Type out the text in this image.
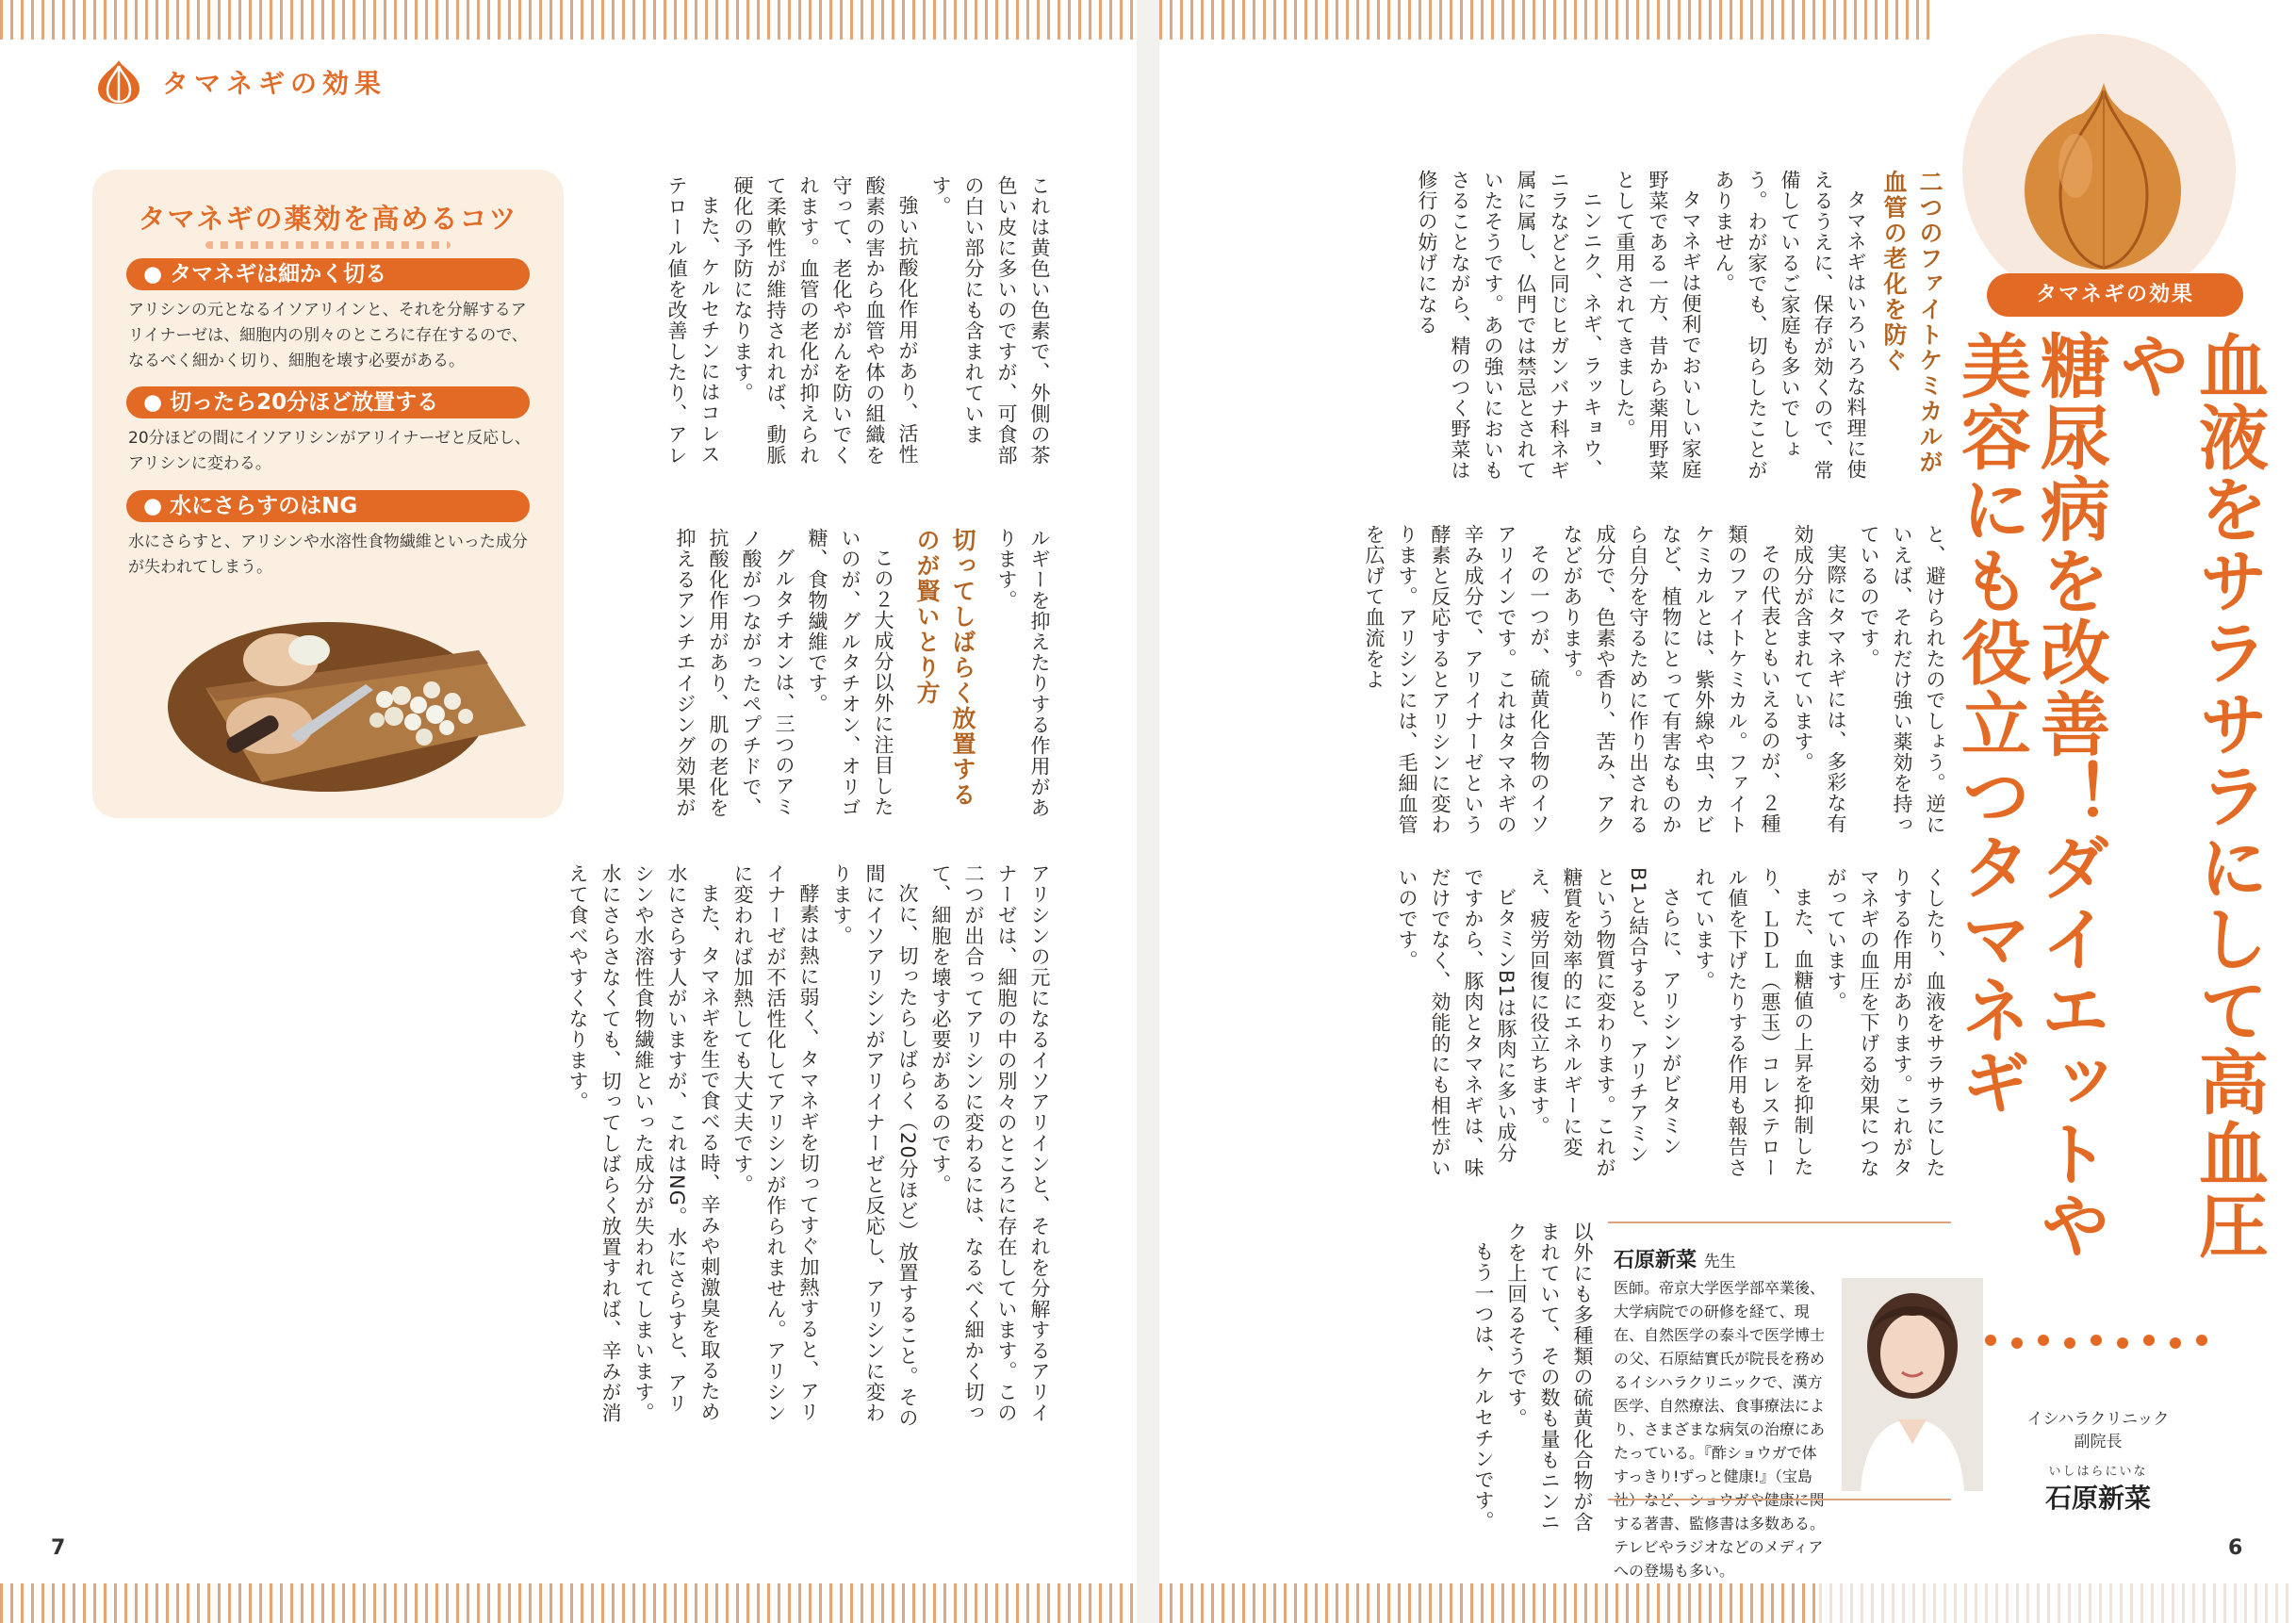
タマネギの効果

これは黄色い色素で、外側の茶色い皮に多いのですが、可食部の白い部分にも含まれています。

強い抗酸化作用があり、活性酸素の害から血管や体の組織を守って、老化やがんを防いでくれます。血管の老化が抑えられて柔軟性が維持されれば、動脈硬化の予防になります。

また、ケルセチンにはコレステロール値を改善したり、アレ

ルギーを抑えたりする作用があります。

切ってしばらく放置するのが賢いとり方

この２大成分以外に注目したいのが、グルタチオン、オリゴ糖、食物繊維です。

グルタチオンは、三つのアミノ酸がつながったペプチドで、抗酸化作用があり、肌の老化を抑えるアンチエイジング効果が

タマネギの薬効を高めるコツ
● タマネギは細かく切る
アリシンの元となるイソアリインと、それを分解するアリイナーゼは、細胞内の別々のところに存在するので、なるべく細かく切り、細胞を壊す必要がある。
● 切ったら20分ほど放置する
20分ほどの間にイソアリシンがアリイナーゼと反応し、アリシンに変わる。
● 水にさらすのはNG
水にさらすと、アリシンや水溶性食物繊維といった成分が失われてしまう。

アリシンの元になるイソアリインと、それを分解するアリイナーゼは、細胞の中の別々のところに存在しています。この二つが出合ってアリシンに変わるには、なるべく細かく切って、細胞を壊す必要があるのです。

次に、切ったらしばらく（20分ほど）放置すること。その間にイソアリシンがアリイナーゼと反応し、アリシンに変わります。

酵素は熱に弱く、タマネギを切ってすぐ加熱すると、アリイナーゼが不活性化してアリシンが作られません。アリシンに変われば加熱しても大丈夫です。

また、タマネギを生で食べる時、辛みや刺激臭を取るため水にさらす人がいますが、これはNG。水にさらすと、アリシンや水溶性食物繊維といった成分が失われてしまいます。水にさらさなくても、切ってしばらく放置すれば、辛みが消えて食べやすくなります。

7
タマネギの効果
血液をサラサラにして高血圧や
糖尿病を改善！ダイエットや
美容にも役立つタマネギ
二つのファイトケミカルが血管の老化を防ぐ

タマネギはいろいろな料理に使えるうえに、保存が効くので、常備しているご家庭も多いでしょう。わが家でも、切らしたことがありません。

タマネギは便利でおいしい家庭野菜である一方、昔から薬用野菜として重用されてきました。

ニンニク、ネギ、ラッキョウ、ニラなどと同じヒガンバナ科ネギ属に属し、仏門では禁忌とされていたそうです。あの強いにおいもさることながら、精のつく野菜は修行の妨げになる

と、避けられたのでしょう。逆にいえば、それだけ強い薬効を持っているのです。

実際にタマネギには、多彩な有効成分が含まれています。

その代表ともいえるのが、２種類のファイトケミカル。ファイトケミカルとは、紫外線や虫、カビなど、植物にとって有害なものから自分を守るために作り出される成分で、色素や香り、苦み、アクなどがあります。

その一つが、硫黄化合物のイソアリインです。これはタマネギの辛み成分で、アリイナーゼという酵素と反応するとアリシンに変わります。アリシンには、毛細血管を広げて血流をよ

くしたり、血液をサラサラにしたりする作用があります。これがタマネギの血圧を下げる効果につながっています。

また、血糖値の上昇を抑制したり、ＬＤＬ（悪玉）コレステロール値を下げたりする作用も報告されています。

さらに、アリシンがビタミンB1と結合すると、アリチアミンという物質に変わります。これが糖質を効率的にエネルギーに変え、疲労回復に役立ちます。

ビタミンB1は豚肉に多い成分ですから、豚肉とタマネギは、味だけでなく、効能的にも相性がいいのです。

以外にも多種類の硫黄化合物が含まれていて、その数も量もニンニクを上回るそうです。

もう一つは、ケルセチンです。	石原新菜 先生
医師。帝京大学医学部卒業後、大学病院での研修を経て、現在、自然医学の泰斗で医学博士の父、石原結實氏が院長を務めるイシハラクリニックで、漢方医学、自然療法、食事療法により、さまざまな病気の治療にあたっている。『酢ショウガで体すっきり!ずっと健康!』（宝島 する著書、監修書は多数ある。テレビやラジオなどのメディアへの登場も多い。
イシハラクリニック
副院長
いしはらにいな
石原新菜
6
